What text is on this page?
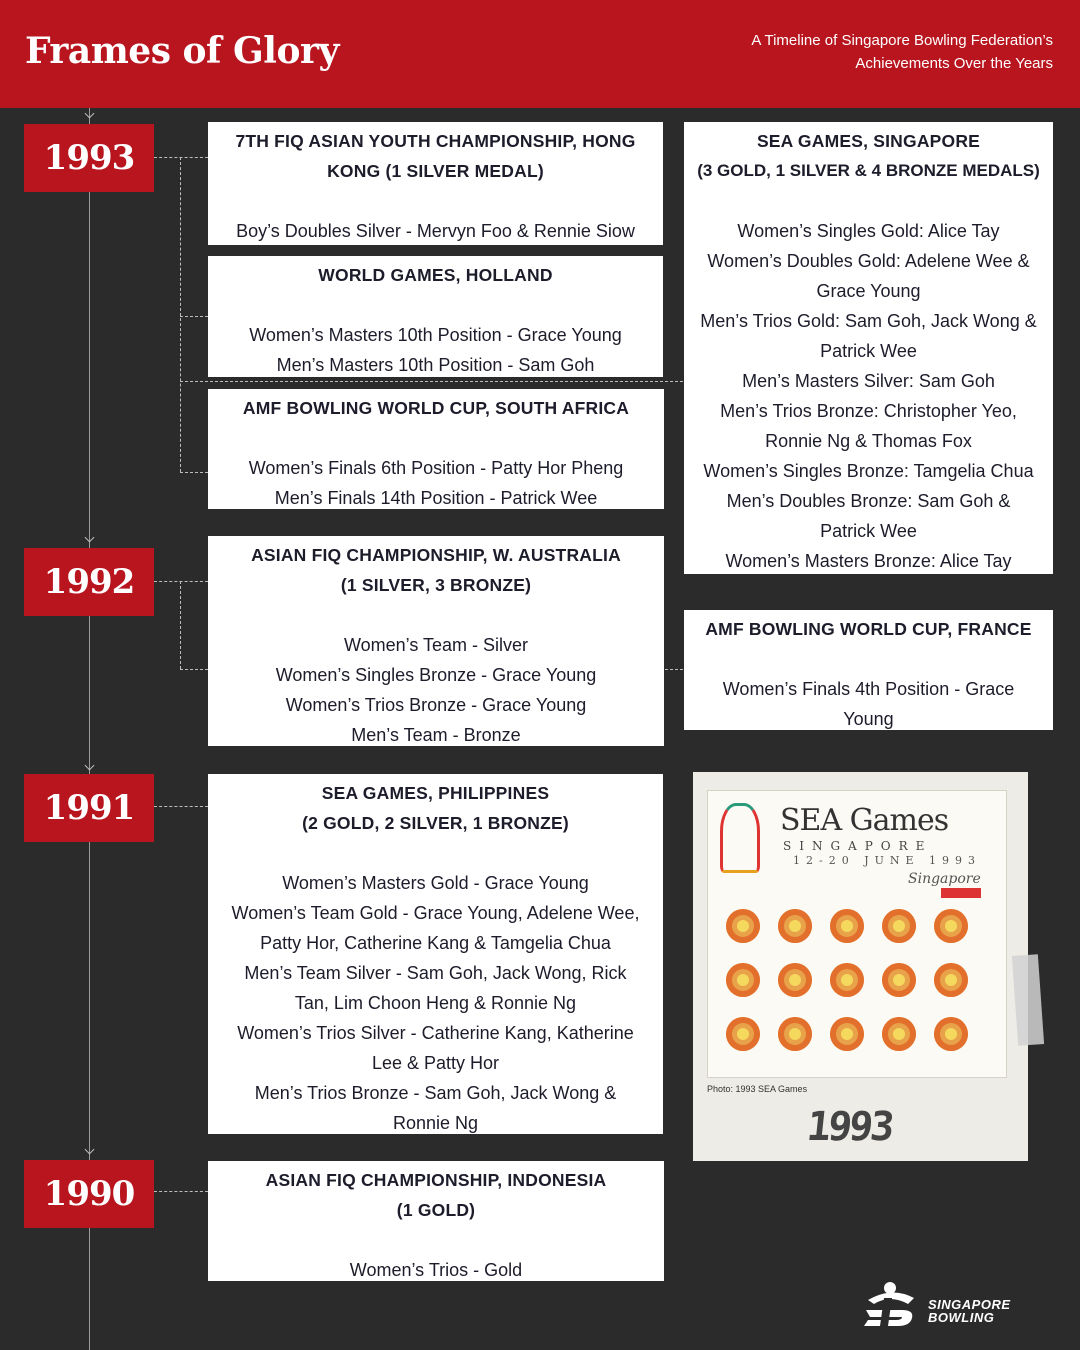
Frames of Glory	A Timeline of Singapore Bowling Federation’s
Achievements Over the Years
1993
1992
1991
1990
7TH FIQ ASIAN YOUTH CHAMPIONSHIP, HONG
KONG (1 SILVER MEDAL)
Boy’s Doubles Silver - Mervyn Foo & Rennie Siow
WORLD GAMES, HOLLAND
Women’s Masters 10th Position - Grace Young
Men’s Masters 10th Position - Sam Goh
AMF BOWLING WORLD CUP, SOUTH AFRICA
Women’s Finals 6th Position - Patty Hor Pheng
Men’s Finals 14th Position - Patrick Wee
SEA GAMES, SINGAPORE
(3 GOLD, 1 SILVER & 4 BRONZE MEDALS)
Women’s Singles Gold: Alice Tay
Women’s Doubles Gold: Adelene Wee &
Grace Young
Men’s Trios Gold: Sam Goh, Jack Wong &
Patrick Wee
Men’s Masters Silver: Sam Goh
Men’s Trios Bronze: Christopher Yeo,
Ronnie Ng & Thomas Fox
Women’s Singles Bronze: Tamgelia Chua
Men’s Doubles Bronze: Sam Goh &
Patrick Wee
Women’s Masters Bronze: Alice Tay
ASIAN FIQ CHAMPIONSHIP, W. AUSTRALIA
(1 SILVER, 3 BRONZE)
Women’s Team - Silver
Women’s Singles Bronze - Grace Young
Women’s Trios Bronze - Grace Young
Men’s Team - Bronze
AMF BOWLING WORLD CUP, FRANCE
Women’s Finals 4th Position - Grace
Young
SEA GAMES, PHILIPPINES
(2 GOLD, 2 SILVER, 1 BRONZE)
Women’s Masters Gold - Grace Young
Women’s Team Gold - Grace Young, Adelene Wee,
Patty Hor, Catherine Kang & Tamgelia Chua
Men’s Team Silver - Sam Goh, Jack Wong, Rick
Tan, Lim Choon Heng & Ronnie Ng
Women’s Trios Silver - Catherine Kang, Katherine
Lee & Patty Hor
Men’s Trios Bronze - Sam Goh, Jack Wong &
Ronnie Ng
ASIAN FIQ CHAMPIONSHIP, INDONESIA
(1 GOLD)
Women’s Trios - Gold
SEA Games
SINGAPORE
12-20 JUNE 1993
Singapore
Photo: 1993 SEA Games
1993
SINGAPORE
BOWLING
